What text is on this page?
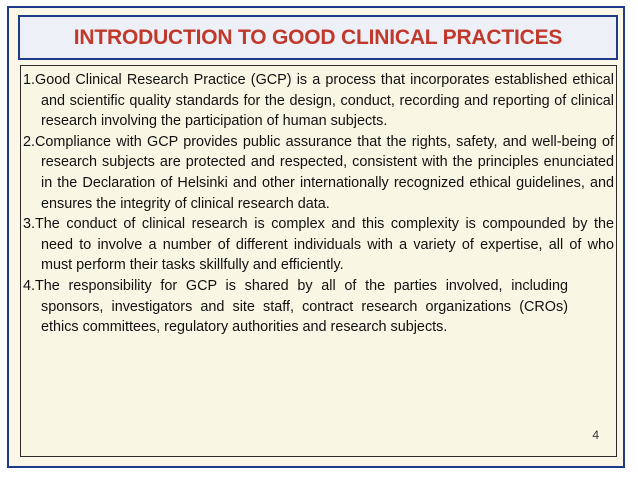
INTRODUCTION TO GOOD CLINICAL PRACTICES

1.Good Clinical Research Practice (GCP) is a process that incorporates established ethical and scientific quality standards for the design, conduct, recording and reporting of clinical research involving the participation of human subjects.

2.Compliance with GCP provides public assurance that the rights, safety, and well-being of research subjects are protected and respected, consistent with the principles enunciated in the Declaration of Helsinki and other internationally recognized ethical guidelines, and ensures the integrity of clinical research data.

3.The conduct of clinical research is complex and this complexity is compounded by the need to involve a number of different individuals with a variety of expertise, all of who must perform their tasks skillfully and efficiently.

4.The responsibility for GCP is shared by all of the parties involved, including sponsors, investigators and site staff, contract research organizations (CROs) ethics committees, regulatory authorities and research subjects.

4
